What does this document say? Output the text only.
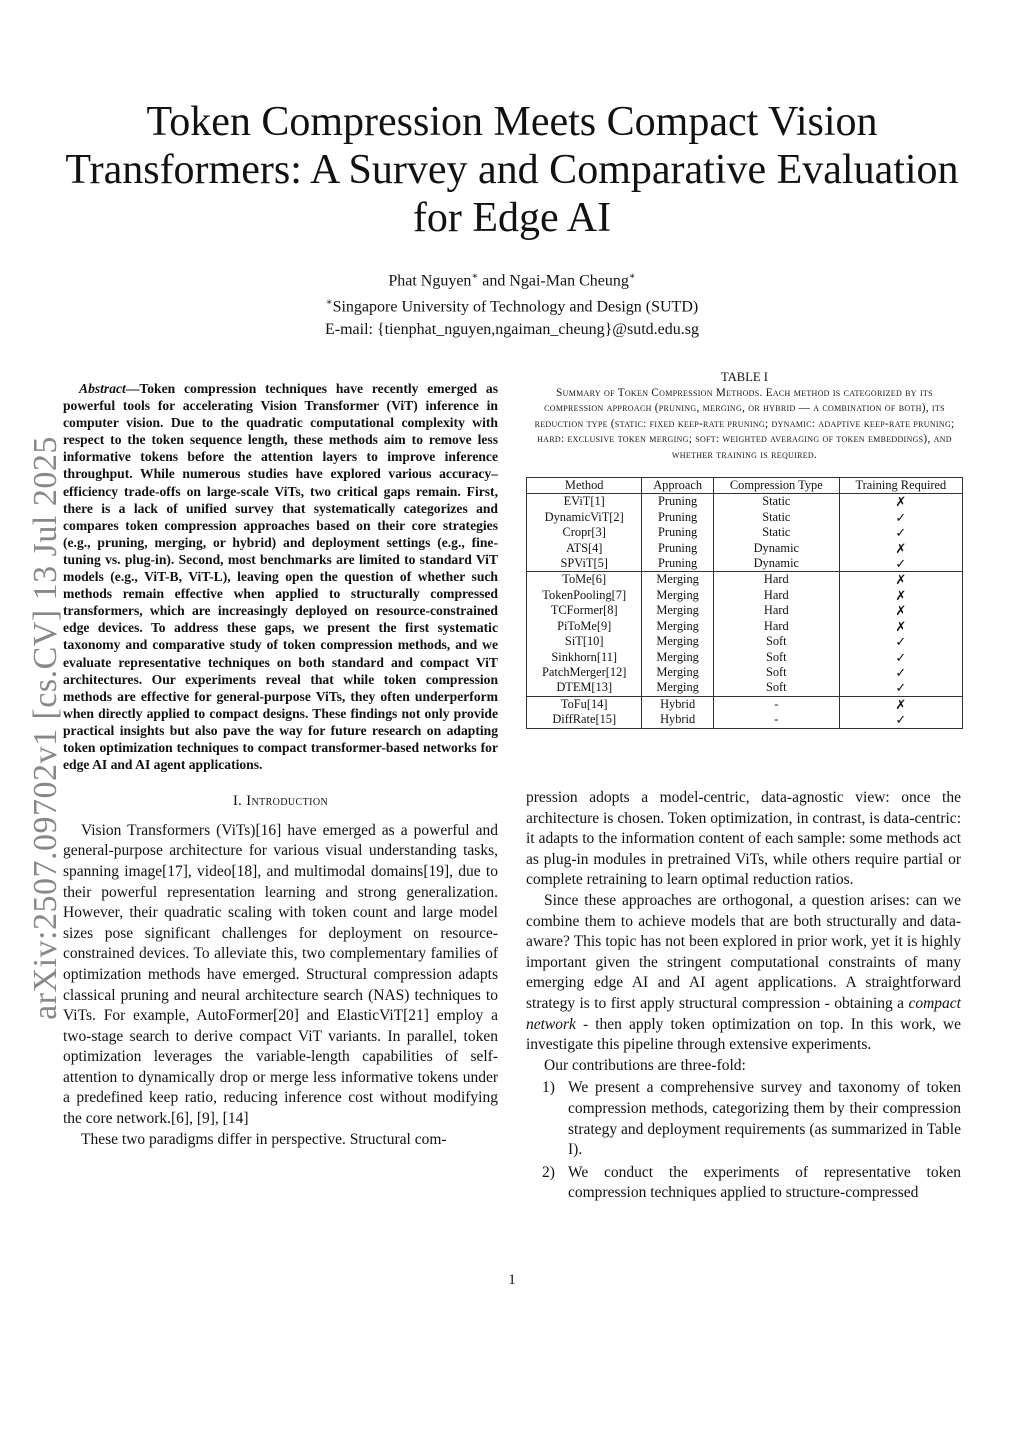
Token Compression Meets Compact Vision
Transformers: A Survey and Comparative Evaluation
for Edge AI
Phat Nguyen∗ and Ngai-Man Cheung∗
∗Singapore University of Technology and Design (SUTD)
E-mail: {tienphat_nguyen,ngaiman_cheung}@sutd.edu.sg
arXiv:2507.09702v1 [cs.CV] 13 Jul 2025

Abstract—Token compression techniques have recently emerged as powerful tools for accelerating Vision Transformer (ViT) inference in computer vision. Due to the quadratic computational complexity with respect to the token sequence length, these methods aim to remove less informative tokens before the attention layers to improve inference throughput. While numerous studies have explored various accuracy–efficiency trade-offs on large-scale ViTs, two critical gaps remain. First, there is a lack of unified survey that systematically categorizes and compares token compression approaches based on their core strategies (e.g., pruning, merging, or hybrid) and deployment settings (e.g., fine-tuning vs. plug-in). Second, most benchmarks are limited to standard ViT models (e.g., ViT-B, ViT-L), leaving open the question of whether such methods remain effective when applied to structurally compressed transformers, which are increasingly deployed on resource-constrained edge devices. To address these gaps, we present the first systematic taxonomy and comparative study of token compression methods, and we evaluate representative techniques on both standard and compact ViT architectures. Our experiments reveal that while token compression methods are effective for general-purpose ViTs, they often underperform when directly applied to compact designs. These findings not only provide practical insights but also pave the way for future research on adapting token optimization techniques to compact transformer-based networks for edge AI and AI agent applications.

I. Introduction

Vision Transformers (ViTs)[16] have emerged as a powerful and general-purpose architecture for various visual understanding tasks, spanning image[17], video[18], and multimodal domains[19], due to their powerful representation learning and strong generalization. However, their quadratic scaling with token count and large model sizes pose significant challenges for deployment on resource-constrained devices. To alleviate this, two complementary families of optimization methods have emerged. Structural compression adapts classical pruning and neural architecture search (NAS) techniques to ViTs. For example, AutoFormer[20] and ElasticViT[21] employ a two-stage search to derive compact ViT variants. In parallel, token optimization leverages the variable-length capabilities of self-attention to dynamically drop or merge less informative tokens under a predefined keep ratio, reducing inference cost without modifying the core network.[6], [9], [14]

These two paradigms differ in perspective. Structural com-

TABLE I
Summary of Token Compression Methods. Each method is categorized by its compression approach (pruning, merging, or hybrid — a combination of both), its reduction type (static: fixed keep-rate pruning; dynamic: adaptive keep-rate pruning; hard: exclusive token merging; soft: weighted averaging of token embeddings), and whether training is required.
Method	Approach	Compression Type	Training Required
EViT[1]	Pruning	Static	✗
DynamicViT[2]	Pruning	Static	✓
Cropr[3]	Pruning	Static	✓
ATS[4]	Pruning	Dynamic	✗
SPViT[5]	Pruning	Dynamic	✓
ToMe[6]	Merging	Hard	✗
TokenPooling[7]	Merging	Hard	✗
TCFormer[8]	Merging	Hard	✗
PiToMe[9]	Merging	Hard	✗
SiT[10]	Merging	Soft	✓
Sinkhorn[11]	Merging	Soft	✓
PatchMerger[12]	Merging	Soft	✓
DTEM[13]	Merging	Soft	✓
ToFu[14]	Hybrid	-	✗
DiffRate[15]	Hybrid	-	✓

pression adopts a model-centric, data-agnostic view: once the architecture is chosen. Token optimization, in contrast, is data-centric: it adapts to the information content of each sample: some methods act as plug-in modules in pretrained ViTs, while others require partial or complete retraining to learn optimal reduction ratios.

Since these approaches are orthogonal, a question arises: can we combine them to achieve models that are both structurally and data-aware? This topic has not been explored in prior work, yet it is highly important given the stringent computational constraints of many emerging edge AI and AI agent applications. A straightforward strategy is to first apply structural compression - obtaining a compact network - then apply token optimization on top. In this work, we investigate this pipeline through extensive experiments.

Our contributions are three-fold:

1) We present a comprehensive survey and taxonomy of token compression methods, categorizing them by their compression strategy and deployment requirements (as summarized in Table I).
2) We conduct the experiments of representative token compression techniques applied to structure-compressed
1
